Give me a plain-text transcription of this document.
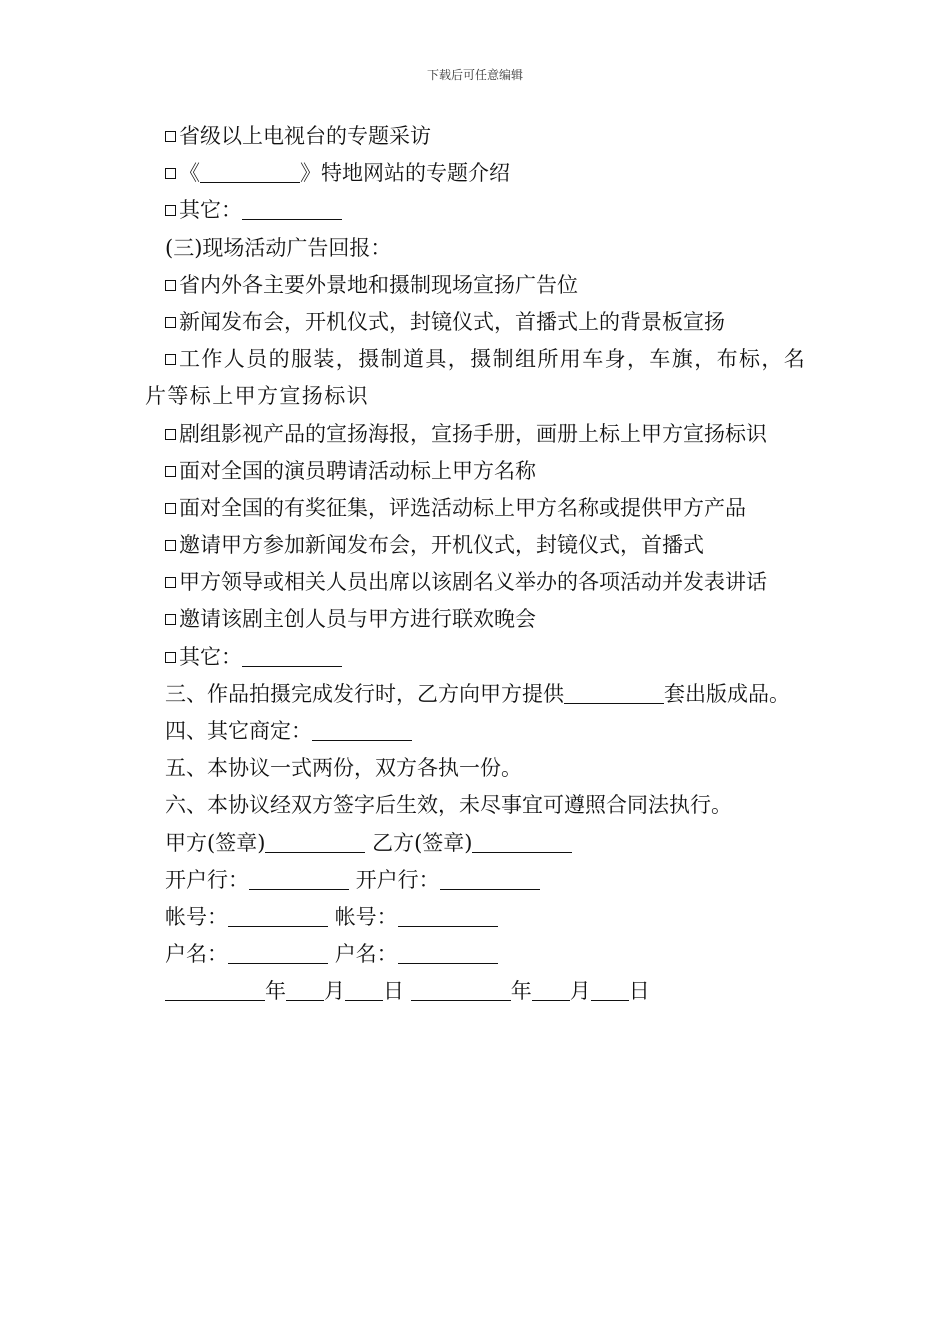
下载后可任意编辑
省级以上电视台的专题采访
《	》特地网站的专题介绍
其它：
(三)现场活动广告回报：
省内外各主要外景地和摄制现场宣扬广告位
新闻发布会，开机仪式，封镜仪式，首播式上的背景板宣扬
工作人员的服装，摄制道具，摄制组所用车身，车旗，布标，名片等标上甲方宣扬标识
剧组影视产品的宣扬海报，宣扬手册，画册上标上甲方宣扬标识
面对全国的演员聘请活动标上甲方名称
面对全国的有奖征集，评选活动标上甲方名称或提供甲方产品
邀请甲方参加新闻发布会，开机仪式，封镜仪式，首播式
甲方领导或相关人员出席以该剧名义举办的各项活动并发表讲话
邀请该剧主创人员与甲方进行联欢晚会
其它：
三、作品拍摄完成发行时，乙方向甲方提供	套出版成品。
四、其它商定：
五、本协议一式两份，双方各执一份。
六、本协议经双方签字后生效，未尽事宜可遵照合同法执行。
甲方(签章)	乙方(签章)
开户行：	开户行：
帐号：	帐号：
户名：	户名：
年 月 日	年 月 日
